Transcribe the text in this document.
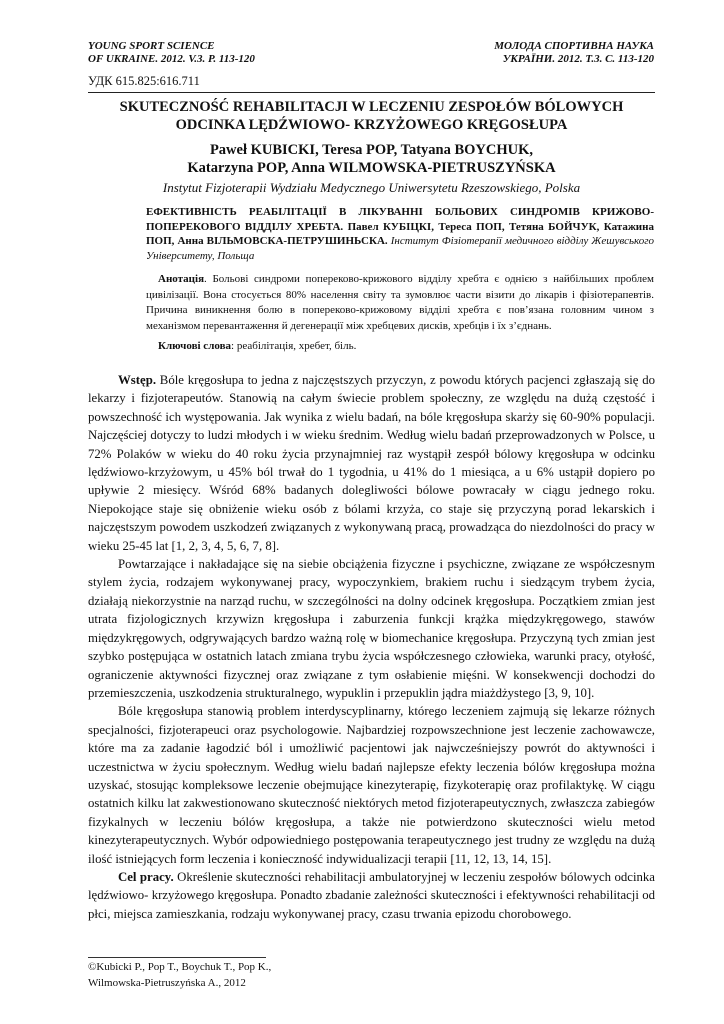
YOUNG SPORT SCIENCE
OF UKRAINE. 2012. V.3. P. 113-120
МОЛОДА СПОРТИВНА НАУКА
УКРАЇНИ. 2012. Т.3. С. 113-120
УДК 615.825:616.711
SKUTECZNOŚĆ REHABILITACJI W LECZENIU ZESPOŁÓW BÓLOWYCH
ODCINKA LĘDŹWIOWO- KRZYŻOWEGO KRĘGOSŁUPA
Paweł KUBICKI, Teresa POP, Tatyana BOYCHUK,
Katarzyna POP, Anna WILMOWSKA-PIETRUSZYŃSKA
Instytut Fizjoterapii Wydziału Medycznego Uniwersytetu Rzeszowskiego, Polska
ЕФЕКТИВНІСТЬ РЕАБІЛІТАЦІЇ В ЛІКУВАННІ БОЛЬОВИХ СИНДРОМІВ КРИЖОВО-ПОПЕРЕКОВОГО ВІДДІЛУ ХРЕБТА. Павел КУБІЦКІ, Тереса ПОП, Тетяна БОЙЧУК, Катажина ПОП, Анна ВІЛЬМОВСКА-ПЕТРУШИНЬСКА. Інститут Фізіотерапії медичного відділу Жешувського Університету, Польща
Анотація. Больові синдроми попереково-крижового відділу хребта є однією з найбільших проблем цивілізації. Вона стосується 80% населення світу та зумовлює части візити до лікарів і фізіотерапевтів. Причина виникнення болю в попереково-крижовому відділі хребта є пов’язана головним чином з механізмом перевантаження й дегенерації між хребцевих дисків, хребців і їх з’єднань.
Ключові слова: реабілітація, хребет, біль.

Wstęp. Bóle kręgosłupa to jedna z najczęstszych przyczyn, z powodu których pacjenci zgłaszają się do lekarzy i fizjoterapeutów. Stanowią na całym świecie problem społeczny, ze względu na dużą częstość i powszechność ich występowania. Jak wynika z wielu badań, na bóle kręgosłupa skarży się 60-90% populacji. Najczęściej dotyczy to ludzi młodych i w wieku średnim. Według wielu badań przeprowadzonych w Polsce, u 72% Polaków w wieku do 40 roku życia przynajmniej raz wystąpił zespół bólowy kręgosłupa w odcinku lędźwiowo-krzyżowym, u 45% ból trwał do 1 tygodnia, u 41% do 1 miesiąca, a u 6% ustąpił dopiero po upływie 2 miesięcy. Wśród 68% badanych dolegliwości bólowe powracały w ciągu jednego roku. Niepokojące staje się obniżenie wieku osób z bólami krzyża, co staje się przyczyną porad lekarskich i najczęstszym powodem uszkodzeń związanych z wykonywaną pracą, prowadząca do niezdolności do pracy w wieku 25-45 lat [1, 2, 3, 4, 5, 6, 7, 8].

Powtarzające i nakładające się na siebie obciążenia fizyczne i psychiczne, związane ze współczesnym stylem życia, rodzajem wykonywanej pracy, wypoczynkiem, brakiem ruchu i siedzącym trybem życia, działają niekorzystnie na narząd ruchu, w szczególności na dolny odcinek kręgosłupa. Początkiem zmian jest utrata fizjologicznych krzywizn kręgosłupa i zaburzenia funkcji krążka międzykręgowego, stawów międzykręgowych, odgrywających bardzo ważną rolę w biomechanice kręgosłupa. Przyczyną tych zmian jest szybko postępująca w ostatnich latach zmiana trybu życia współczesnego człowieka, warunki pracy, otyłość, ograniczenie aktywności fizycznej oraz związane z tym osłabienie mięśni. W konsekwencji dochodzi do przemieszczenia, uszkodzenia strukturalnego, wypuklin i przepuklin jądra miażdżystego [3, 9, 10].

Bóle kręgosłupa stanowią problem interdyscyplinarny, którego leczeniem zajmują się lekarze różnych specjalności, fizjoterapeuci oraz psychologowie. Najbardziej rozpowszechnione jest leczenie zachowawcze, które ma za zadanie łagodzić ból i umożliwić pacjentowi jak najwcześniejszy powrót do aktywności i uczestnictwa w życiu społecznym. Według wielu badań najlepsze efekty leczenia bólów kręgosłupa można uzyskać, stosując kompleksowe leczenie obejmujące kinezyterapię, fizykoterapię oraz profilaktykę. W ciągu ostatnich kilku lat zakwestionowano skuteczność niektórych metod fizjoterapeutycznych, zwłaszcza zabiegów fizykalnych w leczeniu bólów kręgosłupa, a także nie potwierdzono skuteczności wielu metod kinezyterapeutycznych. Wybór odpowiedniego postępowania terapeutycznego jest trudny ze względu na dużą ilość istniejących form leczenia i konieczność indywidualizacji terapii [11, 12, 13, 14, 15].

Cel pracy. Określenie skuteczności rehabilitacji ambulatoryjnej w leczeniu zespołów bólowych odcinka lędźwiowo- krzyżowego kręgosłupa. Ponadto zbadanie zależności skuteczności i efektywności rehabilitacji od płci, miejsca zamieszkania, rodzaju wykonywanej pracy, czasu trwania epizodu chorobowego.

©Kubicki P., Pop T., Boychuk T., Pop K.,
Wilmowska-Pietruszyńska A., 2012
